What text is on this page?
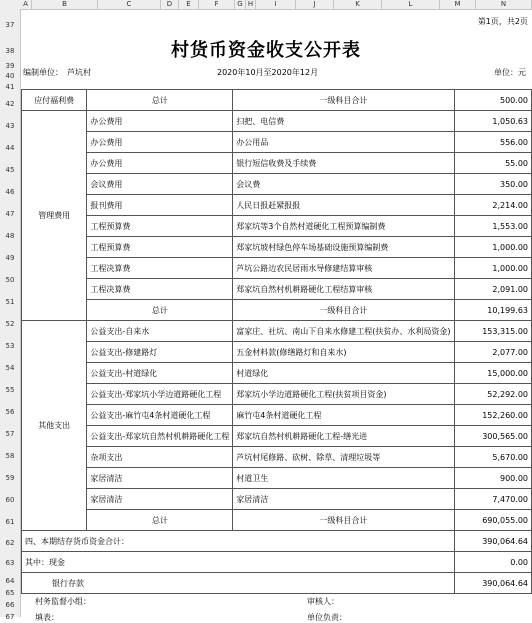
A	B	C	D	E	F	G H	I	J	K	L	M	N
37
38
39
40
41
42
43
44
45
46
47
48
49
50
51
52
53
54
55
56
57
58
59
60
61
62
63
64
65
66
67
第1页，共2页
村货币资金收支公开表
编制单位： 芦坑村	2020年10月至2020年12月	单位：元
应付福利费	总计	一级科目合计	500.00
管理费用	办公费用	扫把、电信费	1,050.63
	办公费用	办公用品	556.00
	办公费用	银行短信收费及手续费	55.00
	会议费用	会议费	350.00
	报刊费用	人民日报赶紧报报	2,214.00
	工程预算费	郑家坑等3个自然村道硬化工程预算编制费	1,553.00
	工程预算费	郑家坑坡村绿色停车场基础设施预算编制费	1,000.00
	工程决算费	芦坑公路边农民居雨水导修建结算审核	1,000.00
	工程决算费	郑家坑自然村机耕路硬化工程结算审核	2,091.00
	总计	一级科目合计	10,199.63
其他支出	公益支出-自来水	富家庄、社坑、南山下自来水修建工程(扶贫办、水利局资金)	153,315.00
	公益支出-修建路灯	五金材料款(修缮路灯和自来水)	2,077.00
	公益支出-村道绿化	村道绿化	15,000.00
	公益支出-郑家坑小学边道路硬化工程	郑家坑小学边道路硬化工程(扶贫项目资金)	52,292.00
	公益支出-麻竹屯4条村道硬化工程	麻竹屯4条村道硬化工程	152,260.00
	公益支出-郑家坑自然村机耕路硬化工程	郑家坑自然村机耕路硬化工程-缮光进	300,565.00
	杂项支出	芦坑村尾修路、砍树、除草、清理垃圾等	5,670.00
	家居清洁	村道卫生	900.00
	家居清洁	家居清洁	7,470.00
	总计	一级科目合计	690,055.00
四、本期结存货币资金合计：			390,064.64
其中：现金			0.00
银行存款			390,064.64
村务监督小组：	审核人：
填表：	单位负责：
